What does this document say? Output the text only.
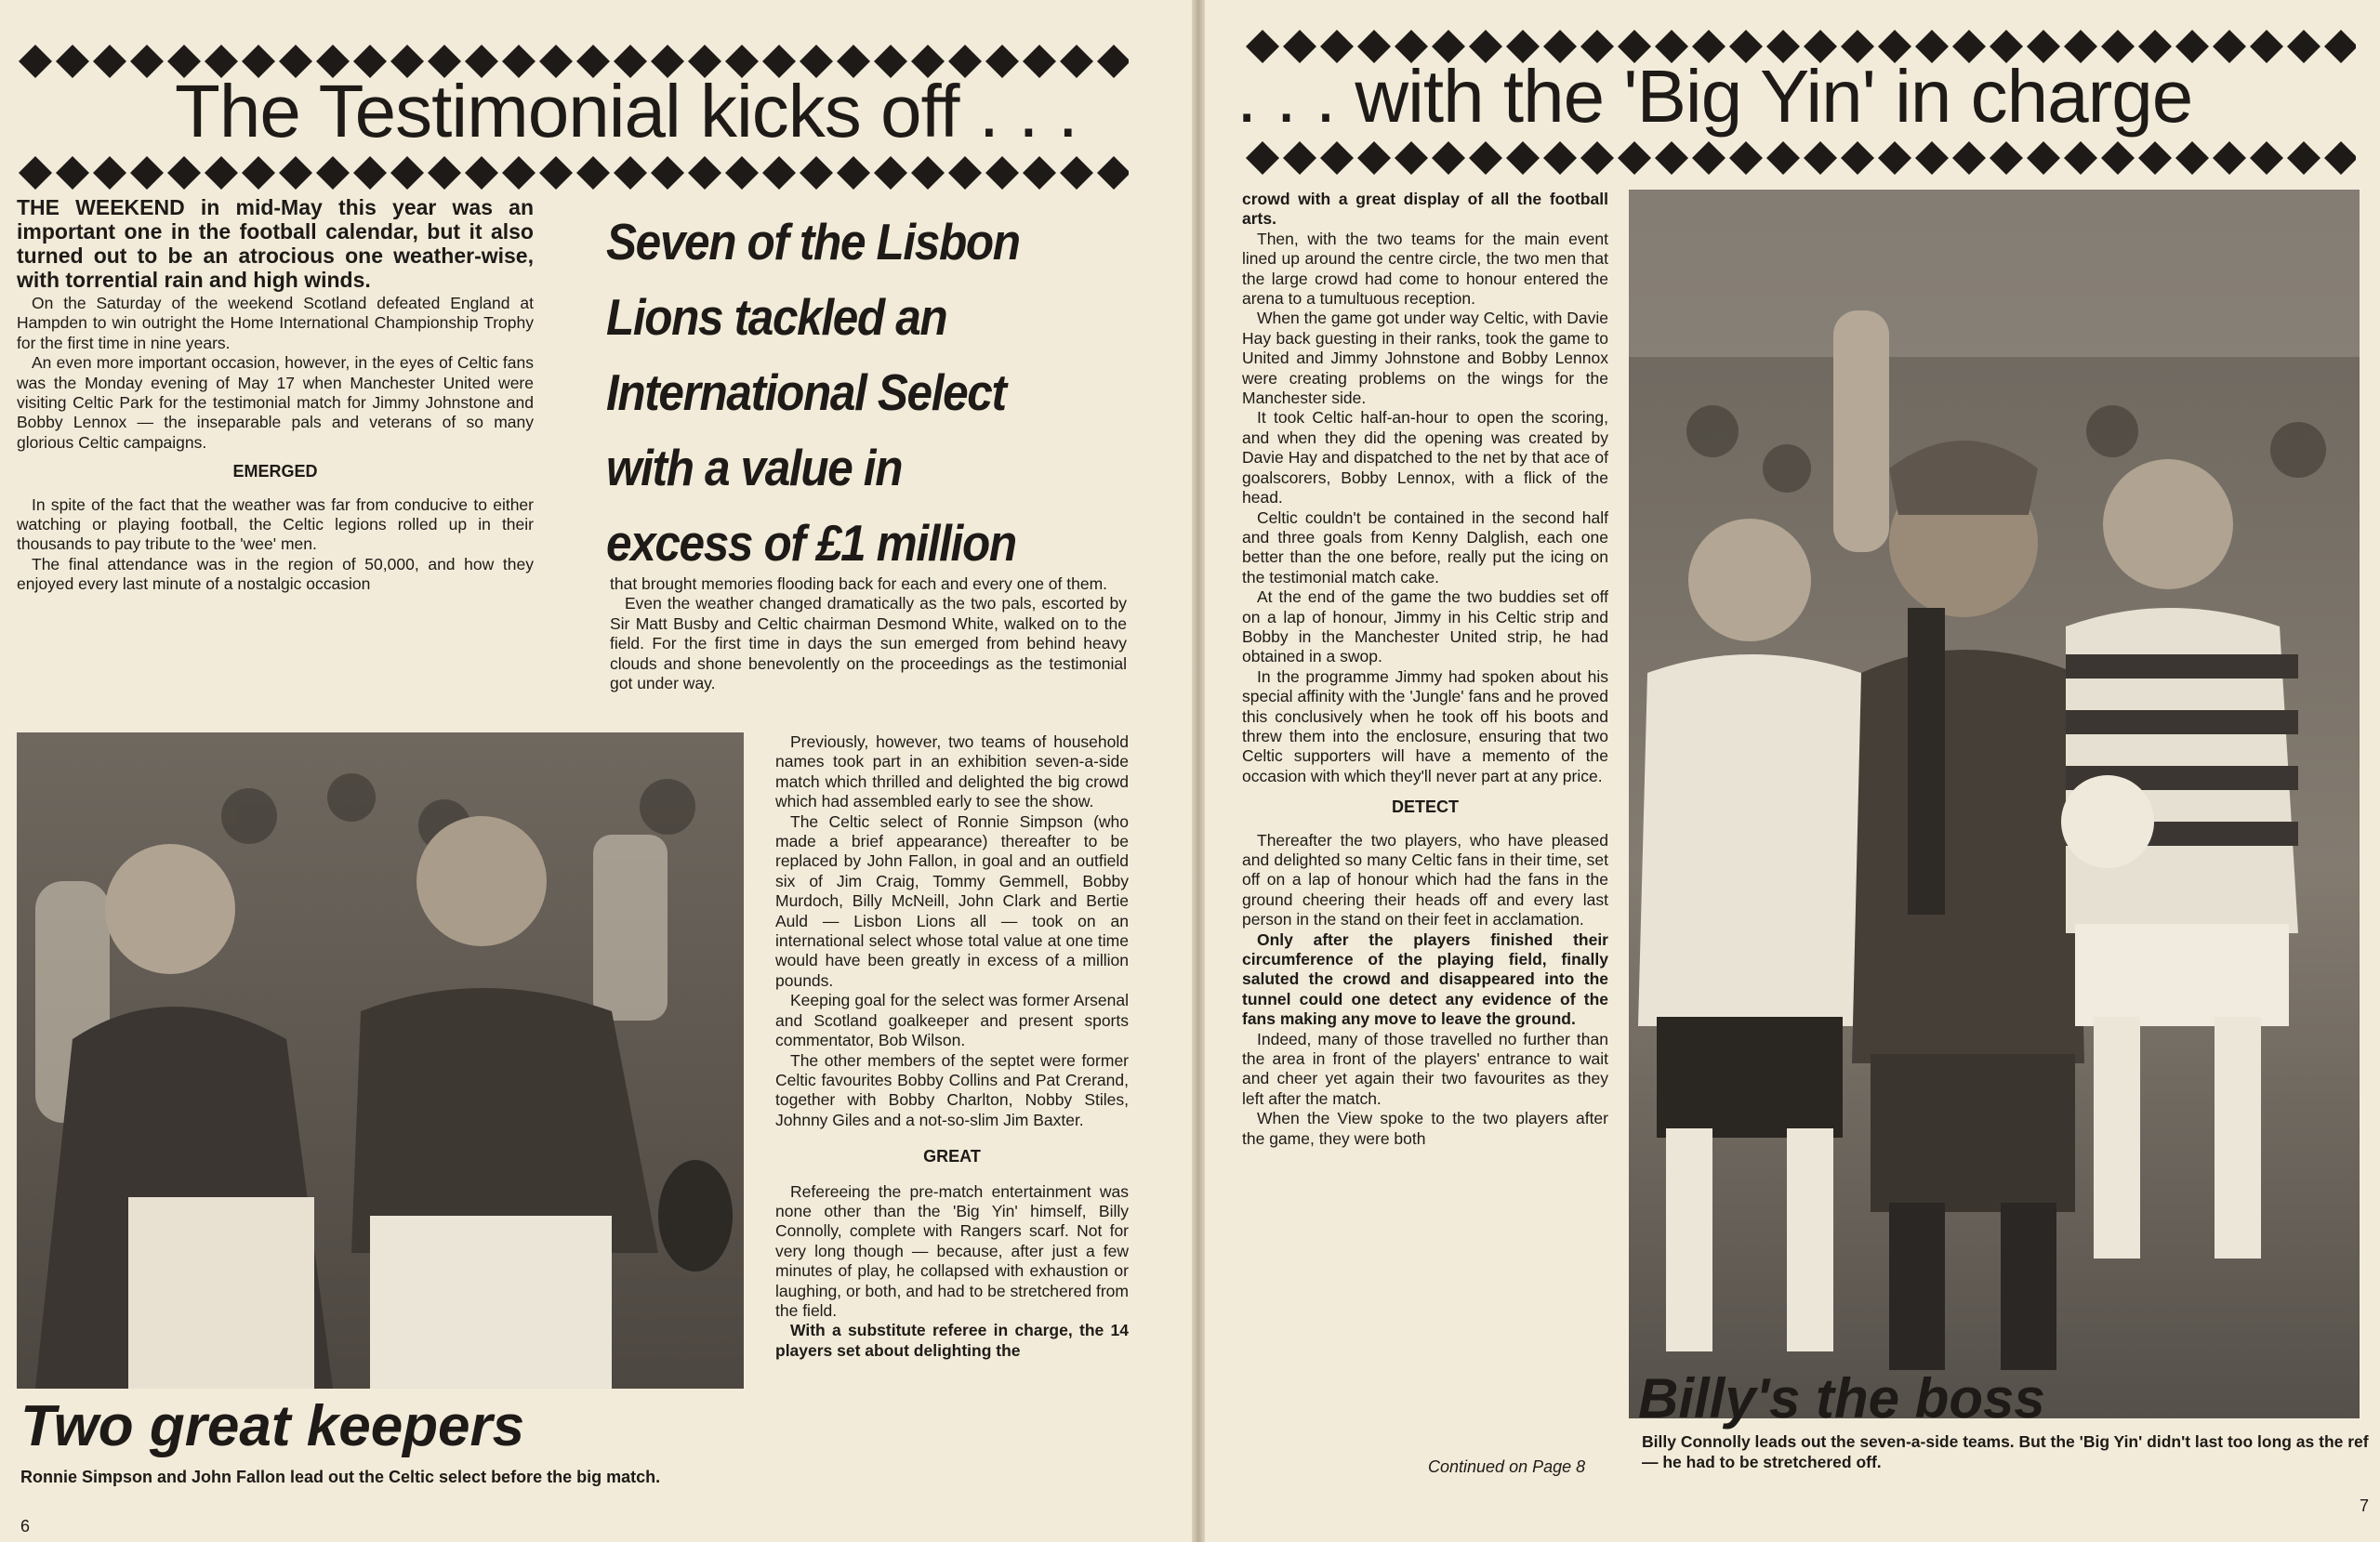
The Testimonial kicks off . . .

THE WEEKEND in mid-May this year was an important one in the football calendar, but it also turned out to be an atrocious one weather-wise, with torrential rain and high winds.

On the Saturday of the weekend Scotland defeated England at Hampden to win outright the Home International Championship Trophy for the first time in nine years.

An even more important occasion, however, in the eyes of Celtic fans was the Monday evening of May 17 when Manchester United were visiting Celtic Park for the testimonial match for Jimmy Johnstone and Bobby Lennox — the inseparable pals and veterans of so many glorious Celtic campaigns.

EMERGED

In spite of the fact that the weather was far from conducive to either watching or playing football, the Celtic legions rolled up in their thousands to pay tribute to the 'wee' men.

The final attendance was in the region of 50,000, and how they enjoyed every last minute of a nostalgic occasion

Seven of the Lisbon
Lions tackled an
International Select
with a value in
excess of £1 million

that brought memories flooding back for each and every one of them.

Even the weather changed dramatically as the two pals, escorted by Sir Matt Busby and Celtic chairman Desmond White, walked on to the field. For the first time in days the sun emerged from behind heavy clouds and shone benevolently on the proceedings as the testimonial got under way.

Previously, however, two teams of household names took part in an exhibition seven-a-side match which thrilled and delighted the big crowd which had assembled early to see the show.

The Celtic select of Ronnie Simpson (who made a brief appearance) thereafter to be replaced by John Fallon, in goal and an outfield six of Jim Craig, Tommy Gemmell, Bobby Murdoch, Billy McNeill, John Clark and Bertie Auld — Lisbon Lions all — took on an international select whose total value at one time would have been greatly in excess of a million pounds.

Keeping goal for the select was former Arsenal and Scotland goalkeeper and present sports commentator, Bob Wilson.

The other members of the septet were former Celtic favourites Bobby Collins and Pat Crerand, together with Bobby Charlton, Nobby Stiles, Johnny Giles and a not-so-slim Jim Baxter.

GREAT

Refereeing the pre-match entertainment was none other than the 'Big Yin' himself, Billy Connolly, complete with Rangers scarf. Not for very long though — because, after just a few minutes of play, he collapsed with exhaustion or laughing, or both, and had to be stretchered from the field.

With a substitute referee in charge, the 14 players set about delighting the

Two great keepers
Ronnie Simpson and John Fallon lead out the Celtic select before the big match.
6
. . . with the 'Big Yin' in charge

crowd with a great display of all the football arts.

Then, with the two teams for the main event lined up around the centre circle, the two men that the large crowd had come to honour entered the arena to a tumultuous reception.

When the game got under way Celtic, with Davie Hay back guesting in their ranks, took the game to United and Jimmy Johnstone and Bobby Lennox were creating problems on the wings for the Manchester side.

It took Celtic half-an-hour to open the scoring, and when they did the opening was created by Davie Hay and dispatched to the net by that ace of goalscorers, Bobby Lennox, with a flick of the head.

Celtic couldn't be contained in the second half and three goals from Kenny Dalglish, each one better than the one before, really put the icing on the testimonial match cake.

At the end of the game the two buddies set off on a lap of honour, Jimmy in his Celtic strip and Bobby in the Manchester United strip, he had obtained in a swop.

In the programme Jimmy had spoken about his special affinity with the 'Jungle' fans and he proved this conclusively when he took off his boots and threw them into the enclosure, ensuring that two Celtic supporters will have a memento of the occasion with which they'll never part at any price.

DETECT

Thereafter the two players, who have pleased and delighted so many Celtic fans in their time, set off on a lap of honour which had the fans in the ground cheering their heads off and every last person in the stand on their feet in acclamation.

Only after the players finished their circumference of the playing field, finally saluted the crowd and disappeared into the tunnel could one detect any evidence of the fans making any move to leave the ground.

Indeed, many of those travelled no further than the area in front of the players' entrance to wait and cheer yet again their two favourites as they left after the match.

When the View spoke to the two players after the game, they were both

Continued on Page 8
Billy's the boss
Billy Connolly leads out the seven-a-side teams. But the 'Big Yin' didn't last too long as the ref — he had to be stretchered off.
7
